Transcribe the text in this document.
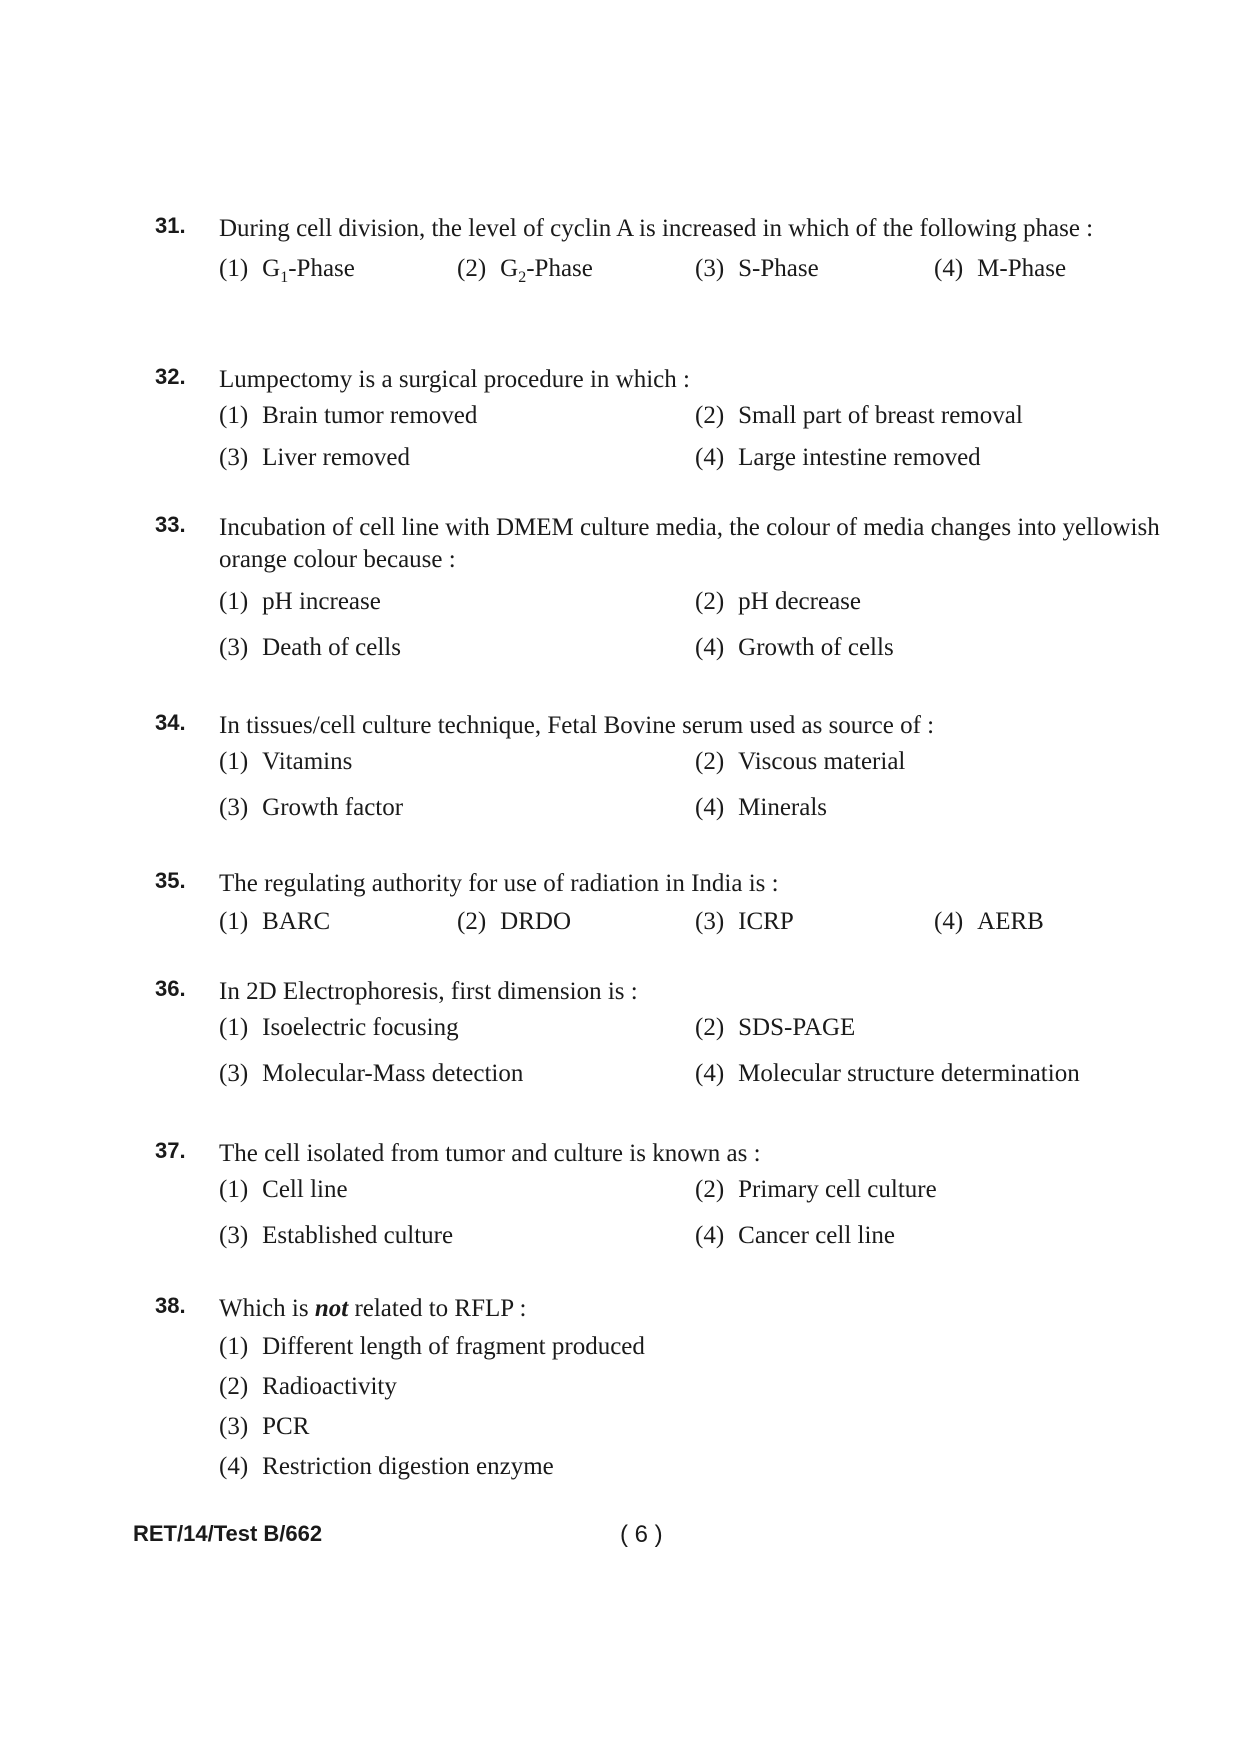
31. During cell division, the level of cyclin A is increased in which of the following phase :
(1) $G_1$-Phase	(2) $G_2$-Phase	(3) S-Phase	(4) M-Phase
32. Lumpectomy is a surgical procedure in which :
(1) Brain tumor removed	(2) Small part of breast removal
(3) Liver removed	(4) Large intestine removed
33. Incubation of cell line with DMEM culture media, the colour of media changes into yellowish orange colour because :
(1) pH increase	(2) pH decrease
(3) Death of cells	(4) Growth of cells
34. In tissues/cell culture technique, Fetal Bovine serum used as source of :
(1) Vitamins	(2) Viscous material
(3) Growth factor	(4) Minerals
35. The regulating authority for use of radiation in India is :
(1) BARC	(2) DRDO	(3) ICRP	(4) AERB
36. In 2D Electrophoresis, first dimension is :
(1) Isoelectric focusing	(2) SDS-PAGE
(3) Molecular-Mass detection	(4) Molecular structure determination
37. The cell isolated from tumor and culture is known as :
(1) Cell line	(2) Primary cell culture
(3) Established culture	(4) Cancer cell line
38. Which is not related to RFLP :
(1) Different length of fragment produced
(2) Radioactivity
(3) PCR
(4) Restriction digestion enzyme
RET/14/Test B/662	( 6 )
